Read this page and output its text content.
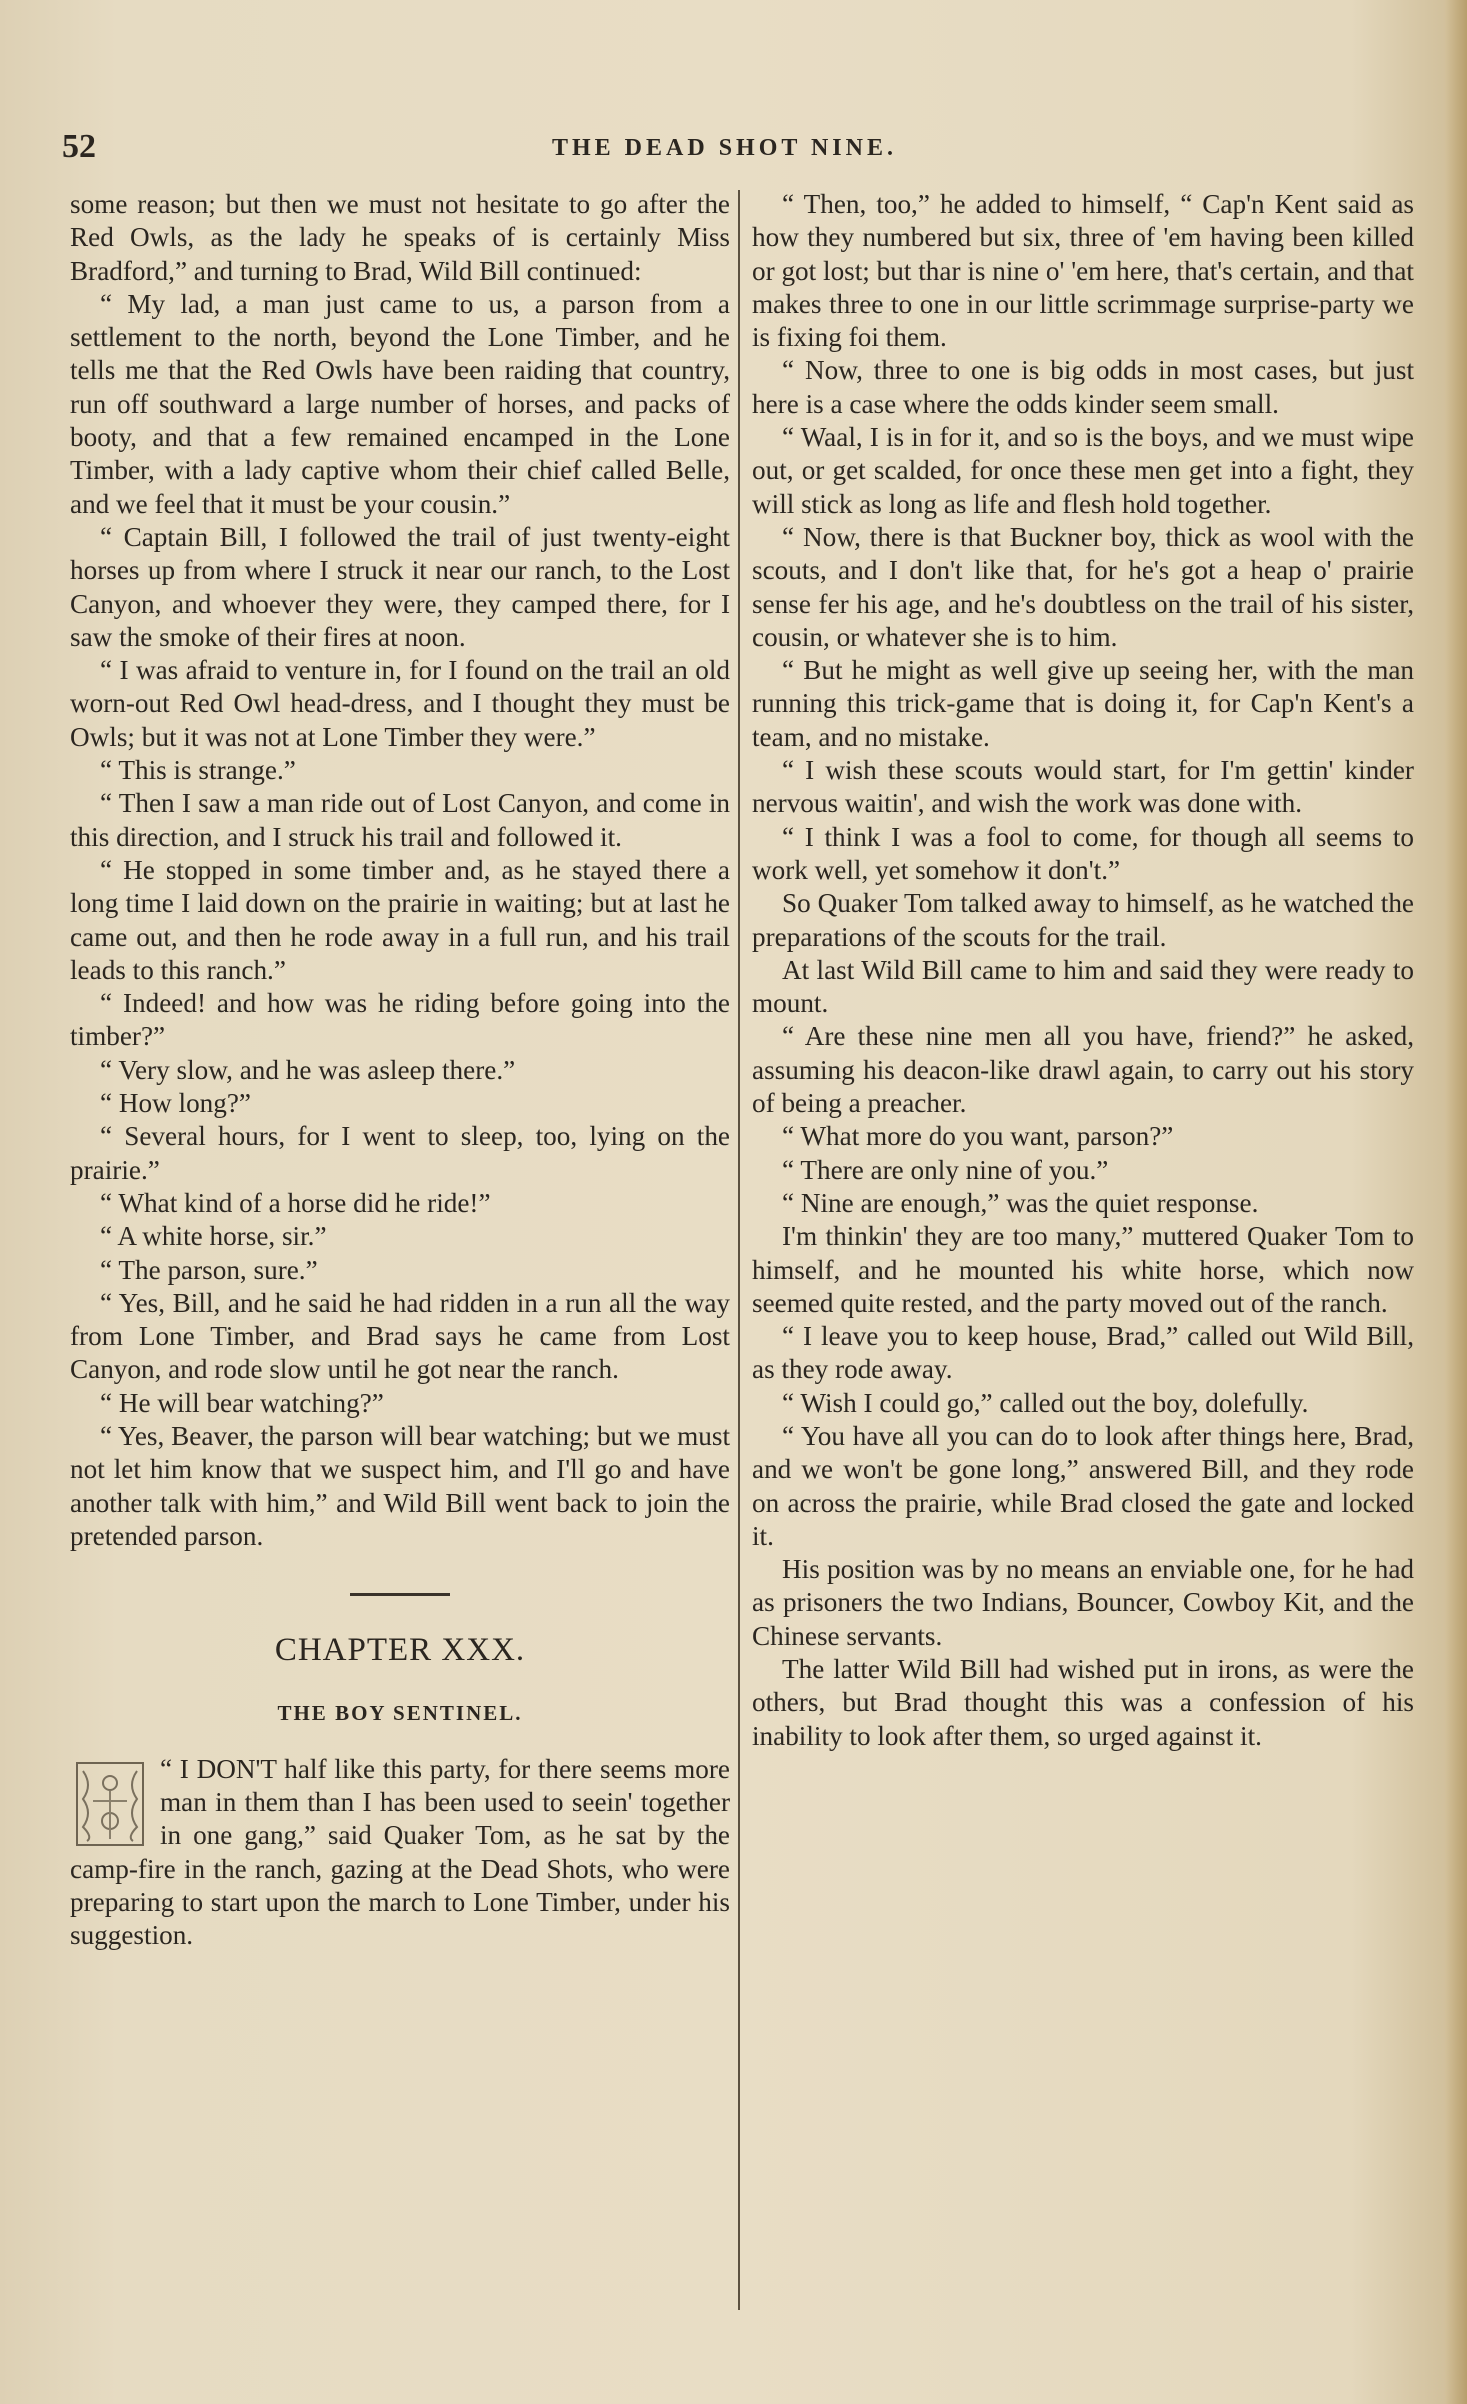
52	THE DEAD SHOT NINE.

some reason; but then we must not hesitate to go after the Red Owls, as the lady he speaks of is certainly Miss Bradford,” and turning to Brad, Wild Bill continued:

“ My lad, a man just came to us, a parson from a settlement to the north, beyond the Lone Timber, and he tells me that the Red Owls have been raiding that country, run off southward a large number of horses, and packs of booty, and that a few remained encamped in the Lone Timber, with a lady captive whom their chief called Belle, and we feel that it must be your cousin.”

“ Captain Bill, I followed the trail of just twenty-eight horses up from where I struck it near our ranch, to the Lost Canyon, and whoever they were, they camped there, for I saw the smoke of their fires at noon.

“ I was afraid to venture in, for I found on the trail an old worn-out Red Owl head-dress, and I thought they must be Owls; but it was not at Lone Timber they were.”

“ This is strange.”

“ Then I saw a man ride out of Lost Canyon, and come in this direction, and I struck his trail and followed it.

“ He stopped in some timber and, as he stayed there a long time I laid down on the prairie in waiting; but at last he came out, and then he rode away in a full run, and his trail leads to this ranch.”

“ Indeed! and how was he riding before going into the timber?”

“ Very slow, and he was asleep there.”

“ How long?”

“ Several hours, for I went to sleep, too, lying on the prairie.”

“ What kind of a horse did he ride!”

“ A white horse, sir.”

“ The parson, sure.”

“ Yes, Bill, and he said he had ridden in a run all the way from Lone Timber, and Brad says he came from Lost Canyon, and rode slow until he got near the ranch.

“ He will bear watching?”

“ Yes, Beaver, the parson will bear watching; but we must not let him know that we suspect him, and I'll go and have another talk with him,” and Wild Bill went back to join the pretended parson.

CHAPTER XXX.
THE BOY SENTINEL.

“ I DON'T half like this party, for there seems more man in them than I has been used to seein' together in one gang,” said Quaker Tom, as he sat by the camp-fire in the ranch, gazing at the Dead Shots, who were preparing to start upon the march to Lone Timber, under his suggestion.

“ Then, too,” he added to himself, “ Cap'n Kent said as how they numbered but six, three of 'em having been killed or got lost; but thar is nine o' 'em here, that's certain, and that makes three to one in our little scrimmage surprise-party we is fixing foi them.

“ Now, three to one is big odds in most cases, but just here is a case where the odds kinder seem small.

“ Waal, I is in for it, and so is the boys, and we must wipe out, or get scalded, for once these men get into a fight, they will stick as long as life and flesh hold together.

“ Now, there is that Buckner boy, thick as wool with the scouts, and I don't like that, for he's got a heap o' prairie sense fer his age, and he's doubtless on the trail of his sister, cousin, or whatever she is to him.

“ But he might as well give up seeing her, with the man running this trick-game that is doing it, for Cap'n Kent's a team, and no mistake.

“ I wish these scouts would start, for I'm gettin' kinder nervous waitin', and wish the work was done with.

“ I think I was a fool to come, for though all seems to work well, yet somehow it don't.”

So Quaker Tom talked away to himself, as he watched the preparations of the scouts for the trail.

At last Wild Bill came to him and said they were ready to mount.

“ Are these nine men all you have, friend?” he asked, assuming his deacon-like drawl again, to carry out his story of being a preacher.

“ What more do you want, parson?”

“ There are only nine of you.”

“ Nine are enough,” was the quiet response.

I'm thinkin' they are too many,” muttered Quaker Tom to himself, and he mounted his white horse, which now seemed quite rested, and the party moved out of the ranch.

“ I leave you to keep house, Brad,” called out Wild Bill, as they rode away.

“ Wish I could go,” called out the boy, dolefully.

“ You have all you can do to look after things here, Brad, and we won't be gone long,” answered Bill, and they rode on across the prairie, while Brad closed the gate and locked it.

His position was by no means an enviable one, for he had as prisoners the two Indians, Bouncer, Cowboy Kit, and the Chinese servants.

The latter Wild Bill had wished put in irons, as were the others, but Brad thought this was a confession of his inability to look after them, so urged against it.
